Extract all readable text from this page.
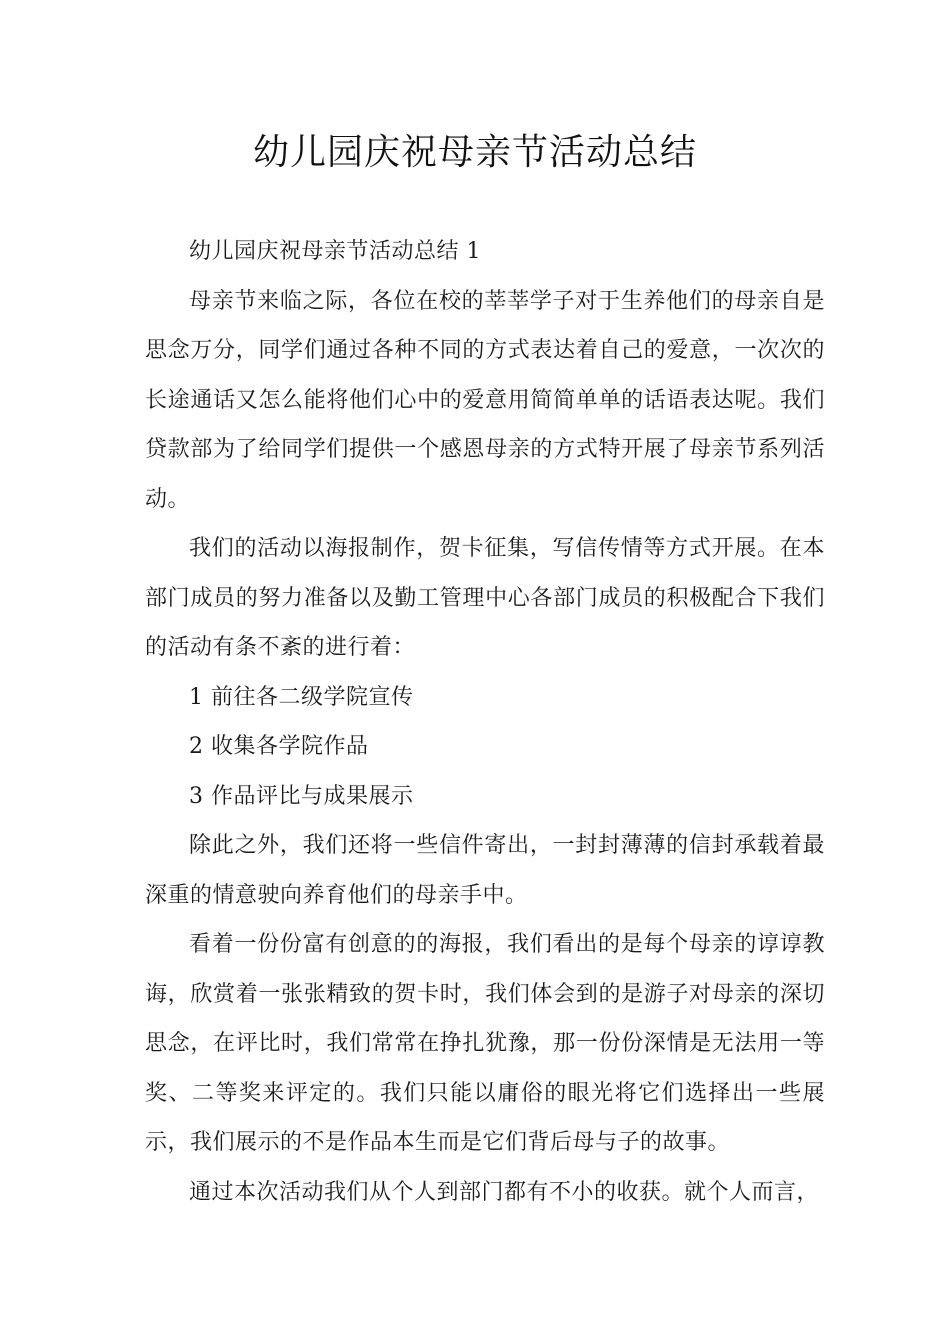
幼儿园庆祝母亲节活动总结

幼儿园庆祝母亲节活动总结 1

母亲节来临之际，各位在校的莘莘学子对于生养他们的母亲自是思念万分，同学们通过各种不同的方式表达着自己的爱意，一次次的长途通话又怎么能将他们心中的爱意用简简单单的话语表达呢。我们贷款部为了给同学们提供一个感恩母亲的方式特开展了母亲节系列活动。

我们的活动以海报制作，贺卡征集，写信传情等方式开展。在本部门成员的努力准备以及勤工管理中心各部门成员的积极配合下我们的活动有条不紊的进行着：

1 前往各二级学院宣传

2 收集各学院作品

3 作品评比与成果展示

除此之外，我们还将一些信件寄出，一封封薄薄的信封承载着最深重的情意驶向养育他们的母亲手中。

看着一份份富有创意的的海报，我们看出的是每个母亲的谆谆教诲，欣赏着一张张精致的贺卡时，我们体会到的是游子对母亲的深切思念，在评比时，我们常常在挣扎犹豫，那一份份深情是无法用一等奖、二等奖来评定的。我们只能以庸俗的眼光将它们选择出一些展示，我们展示的不是作品本生而是它们背后母与子的故事。

通过本次活动我们从个人到部门都有不小的收获。就个人而言，
